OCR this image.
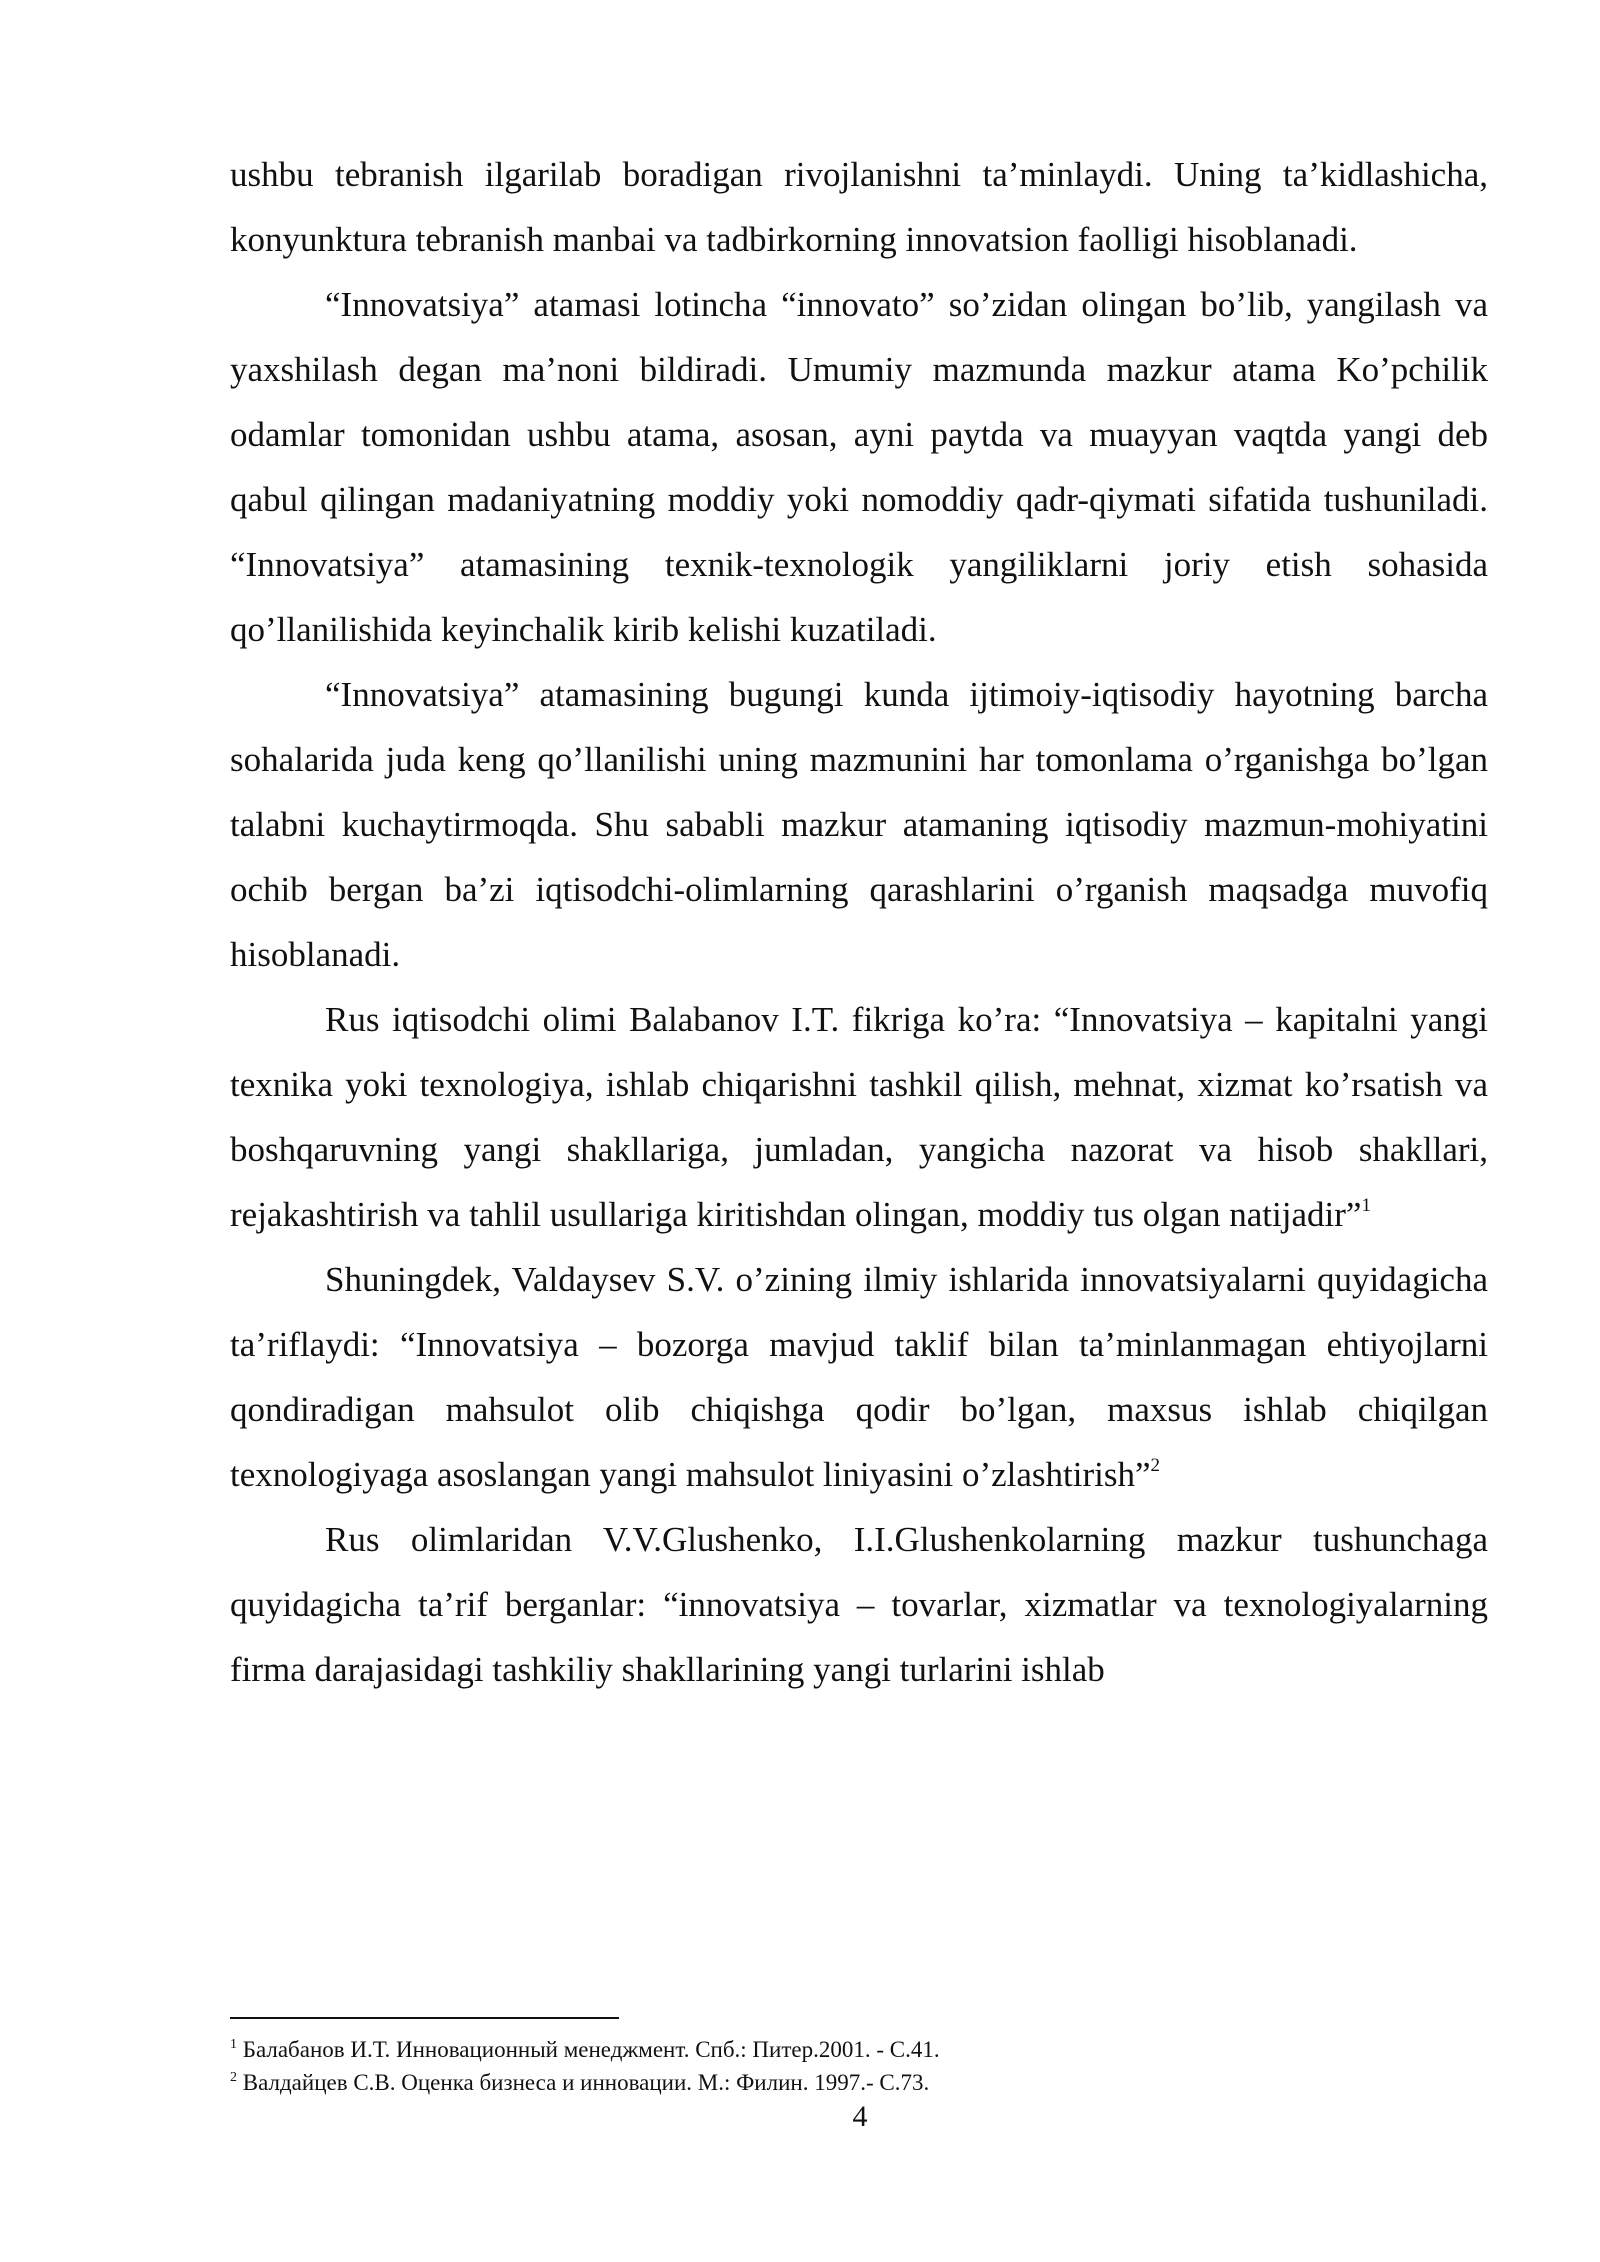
ushbu tebranish ilgarilab boradigan rivojlanishni ta’minlaydi. Uning ta’kidlashicha, konyunktura tebranish manbai va tadbirkorning innovatsion faolligi hisoblanadi.

“Innovatsiya” atamasi lotincha “innovato” so’zidan olingan bo’lib, yangilash va yaxshilash degan ma’noni bildiradi. Umumiy mazmunda mazkur atama Ko’pchilik odamlar tomonidan ushbu atama, asosan, ayni paytda va muayyan vaqtda yangi deb qabul qilingan madaniyatning moddiy yoki nomoddiy qadr-qiymati sifatida tushuniladi. “Innovatsiya” atamasining texnik-texnologik yangiliklarni joriy etish sohasida qo’llanilishida keyinchalik kirib kelishi kuzatiladi.

“Innovatsiya” atamasining bugungi kunda ijtimoiy-iqtisodiy hayotning barcha sohalarida juda keng qo’llanilishi uning mazmunini har tomonlama o’rganishga bo’lgan talabni kuchaytirmoqda. Shu sababli mazkur atamaning iqtisodiy mazmun-mohiyatini ochib bergan ba’zi iqtisodchi-olimlarning qarashlarini o’rganish maqsadga muvofiq hisoblanadi.

Rus iqtisodchi olimi Balabanov I.T. fikriga ko’ra: “Innovatsiya – kapitalni yangi texnika yoki texnologiya, ishlab chiqarishni tashkil qilish, mehnat, xizmat ko’rsatish va boshqaruvning yangi shakllariga, jumladan, yangicha nazorat va hisob shakllari, rejakashtirish va tahlil usullariga kiritishdan olingan, moddiy tus olgan natijadir”$^1$

Shuningdek, Valdaysev S.V. o’zining ilmiy ishlarida innovatsiyalarni quyidagicha ta’riflaydi: “Innovatsiya – bozorga mavjud taklif bilan ta’minlanmagan ehtiyojlarni qondiradigan mahsulot olib chiqishga qodir bo’lgan, maxsus ishlab chiqilgan texnologiyaga asoslangan yangi mahsulot liniyasini o’zlashtirish”$^2$

Rus olimlaridan V.V.Glushenko, I.I.Glushenkolarning mazkur tushunchaga quyidagicha ta’rif berganlar: “innovatsiya – tovarlar, xizmatlar va texnologiyalarning firma darajasidagi tashkiliy shakllarining yangi turlarini ishlab

$^1$ Балабанов И.Т. Инновационный менеджмент. Спб.: Питер.2001. - С.41.

$^2$ Валдайцев С.В. Оценка бизнеса и инновации. М.: Филин. 1997.- С.73.

4
